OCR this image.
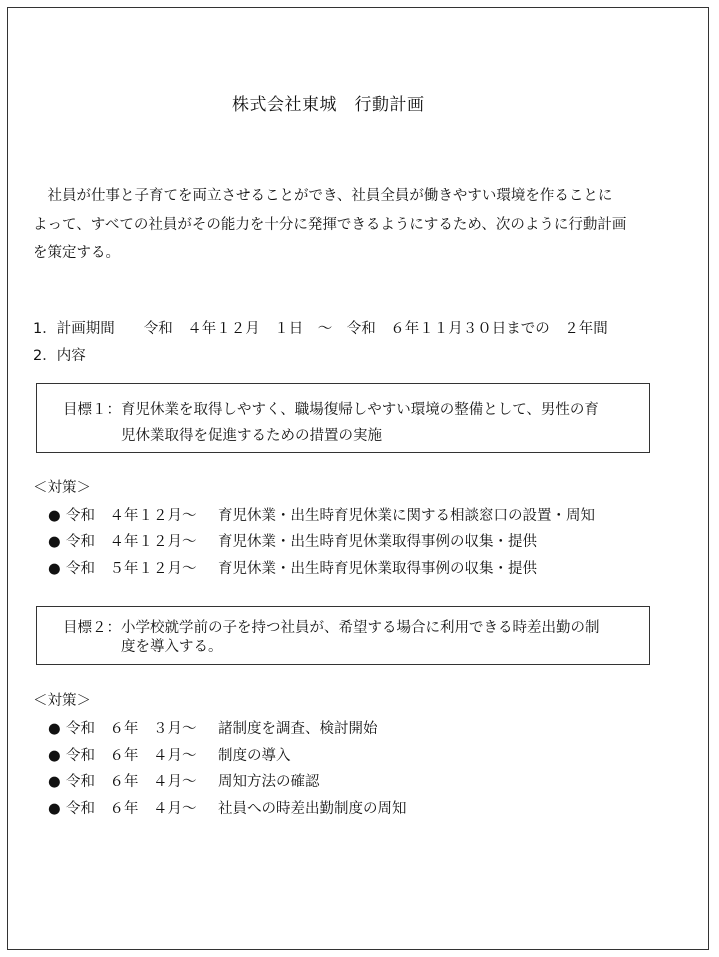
株式会社東城　行動計画
　社員が仕事と子育てを両立させることができ、社員全員が働きやすい環境を作ることに
よって、すべての社員がその能力を十分に発揮できるようにするため、次のように行動計画
を策定する。
1．計画期間　　令和　４年１２月　１日　～　令和　６年１１月３０日までの　２年間
2．内容
目標１：育児休業を取得しやすく、職場復帰しやすい環境の整備として、男性の育
児休業取得を促進するための措置の実施
＜対策＞
● 令和　４年１２月～ 育児休業・出生時育児休業に関する相談窓口の設置・周知
● 令和　４年１２月～ 育児休業・出生時育児休業取得事例の収集・提供
● 令和　５年１２月～ 育児休業・出生時育児休業取得事例の収集・提供
目標２：小学校就学前の子を持つ社員が、希望する場合に利用できる時差出勤の制
度を導入する。
＜対策＞
● 令和　６年　３月～ 諸制度を調査、検討開始
● 令和　６年　４月～ 制度の導入
● 令和　６年　４月～ 周知方法の確認
● 令和　６年　４月～ 社員への時差出勤制度の周知
